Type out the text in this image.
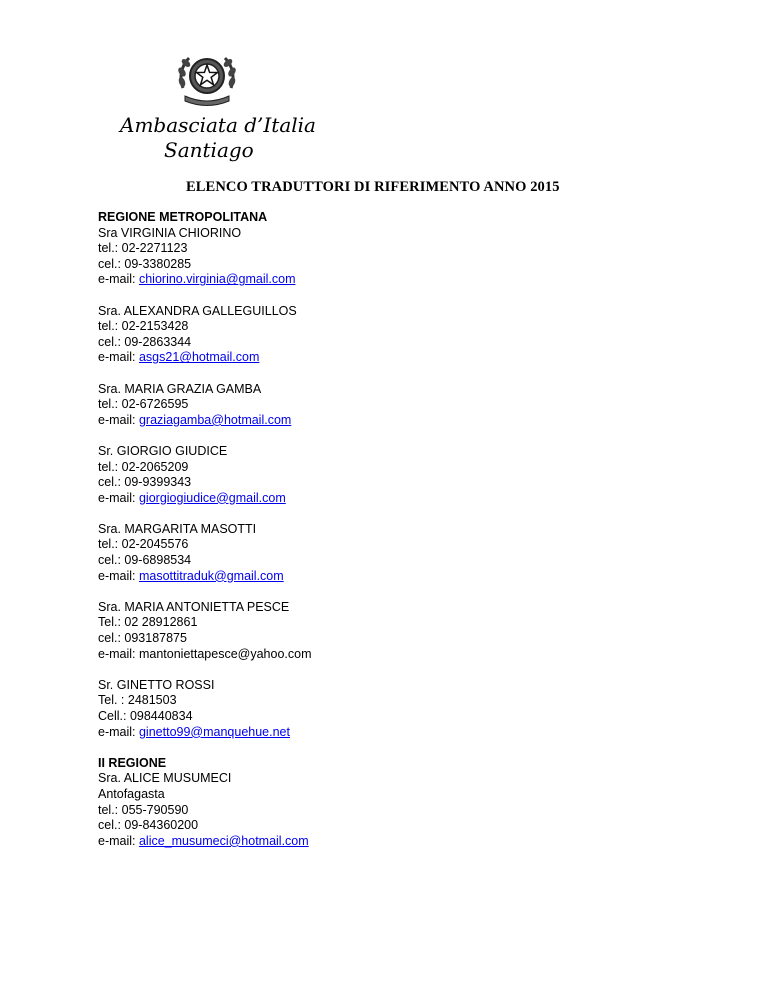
Ambasciata d’Italia
Santiago
ELENCO TRADUTTORI DI RIFERIMENTO ANNO 2015
REGIONE METROPOLITANA
Sra VIRGINIA CHIORINO
tel.: 02-2271123
cel.: 09-3380285
e-mail: chiorino.virginia@gmail.com
Sra. ALEXANDRA GALLEGUILLOS
tel.: 02-2153428
cel.: 09-2863344
e-mail: asgs21@hotmail.com
Sra. MARIA GRAZIA GAMBA
tel.: 02-6726595
e-mail: graziagamba@hotmail.com
Sr. GIORGIO GIUDICE
tel.: 02-2065209
cel.: 09-9399343
e-mail: giorgiogiudice@gmail.com
Sra. MARGARITA MASOTTI
tel.: 02-2045576
cel.: 09-6898534
e-mail: masottitraduk@gmail.com
Sra. MARIA ANTONIETTA PESCE
Tel.: 02 28912861
cel.: 093187875
e-mail: mantoniettapesce@yahoo.com
Sr. GINETTO ROSSI
Tel. : 2481503
Cell.: 098440834
e-mail: ginetto99@manquehue.net
II REGIONE
Sra. ALICE MUSUMECI
Antofagasta
tel.: 055-790590
cel.: 09-84360200
e-mail: alice_musumeci@hotmail.com
